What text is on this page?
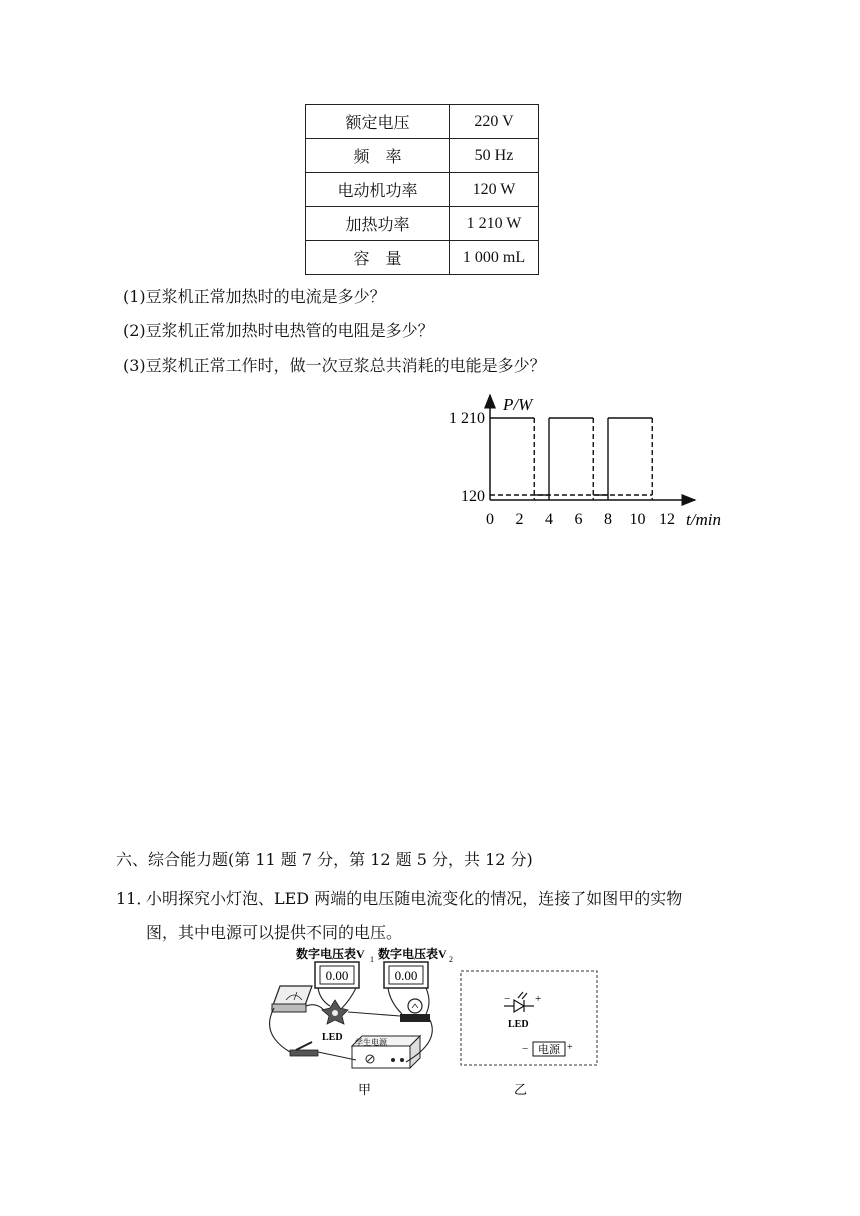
额定电压	220 V
频　率	50 Hz
电动机功率	120 W
加热功率	1 210 W
容　量	1 000 mL
(1)豆浆机正常加热时的电流是多少？
(2)豆浆机正常加热时电热管的电阻是多少？
(3)豆浆机正常工作时，做一次豆浆总共消耗的电能是多少？
P/W
t/min
1 210
120
0 2 4 6 8 10 12
六、综合能力题(第 11 题 7 分，第 12 题 5 分，共 12 分)
11．
小明探究小灯泡、LED 两端的电压随电流变化的情况，连接了如图甲的实物
图，其中电源可以提供不同的电压。
数字电压表V 1 数字电压表V 2
0.00	0.00
LED 学生电源
甲
− +
LED
− 电源 +
乙
